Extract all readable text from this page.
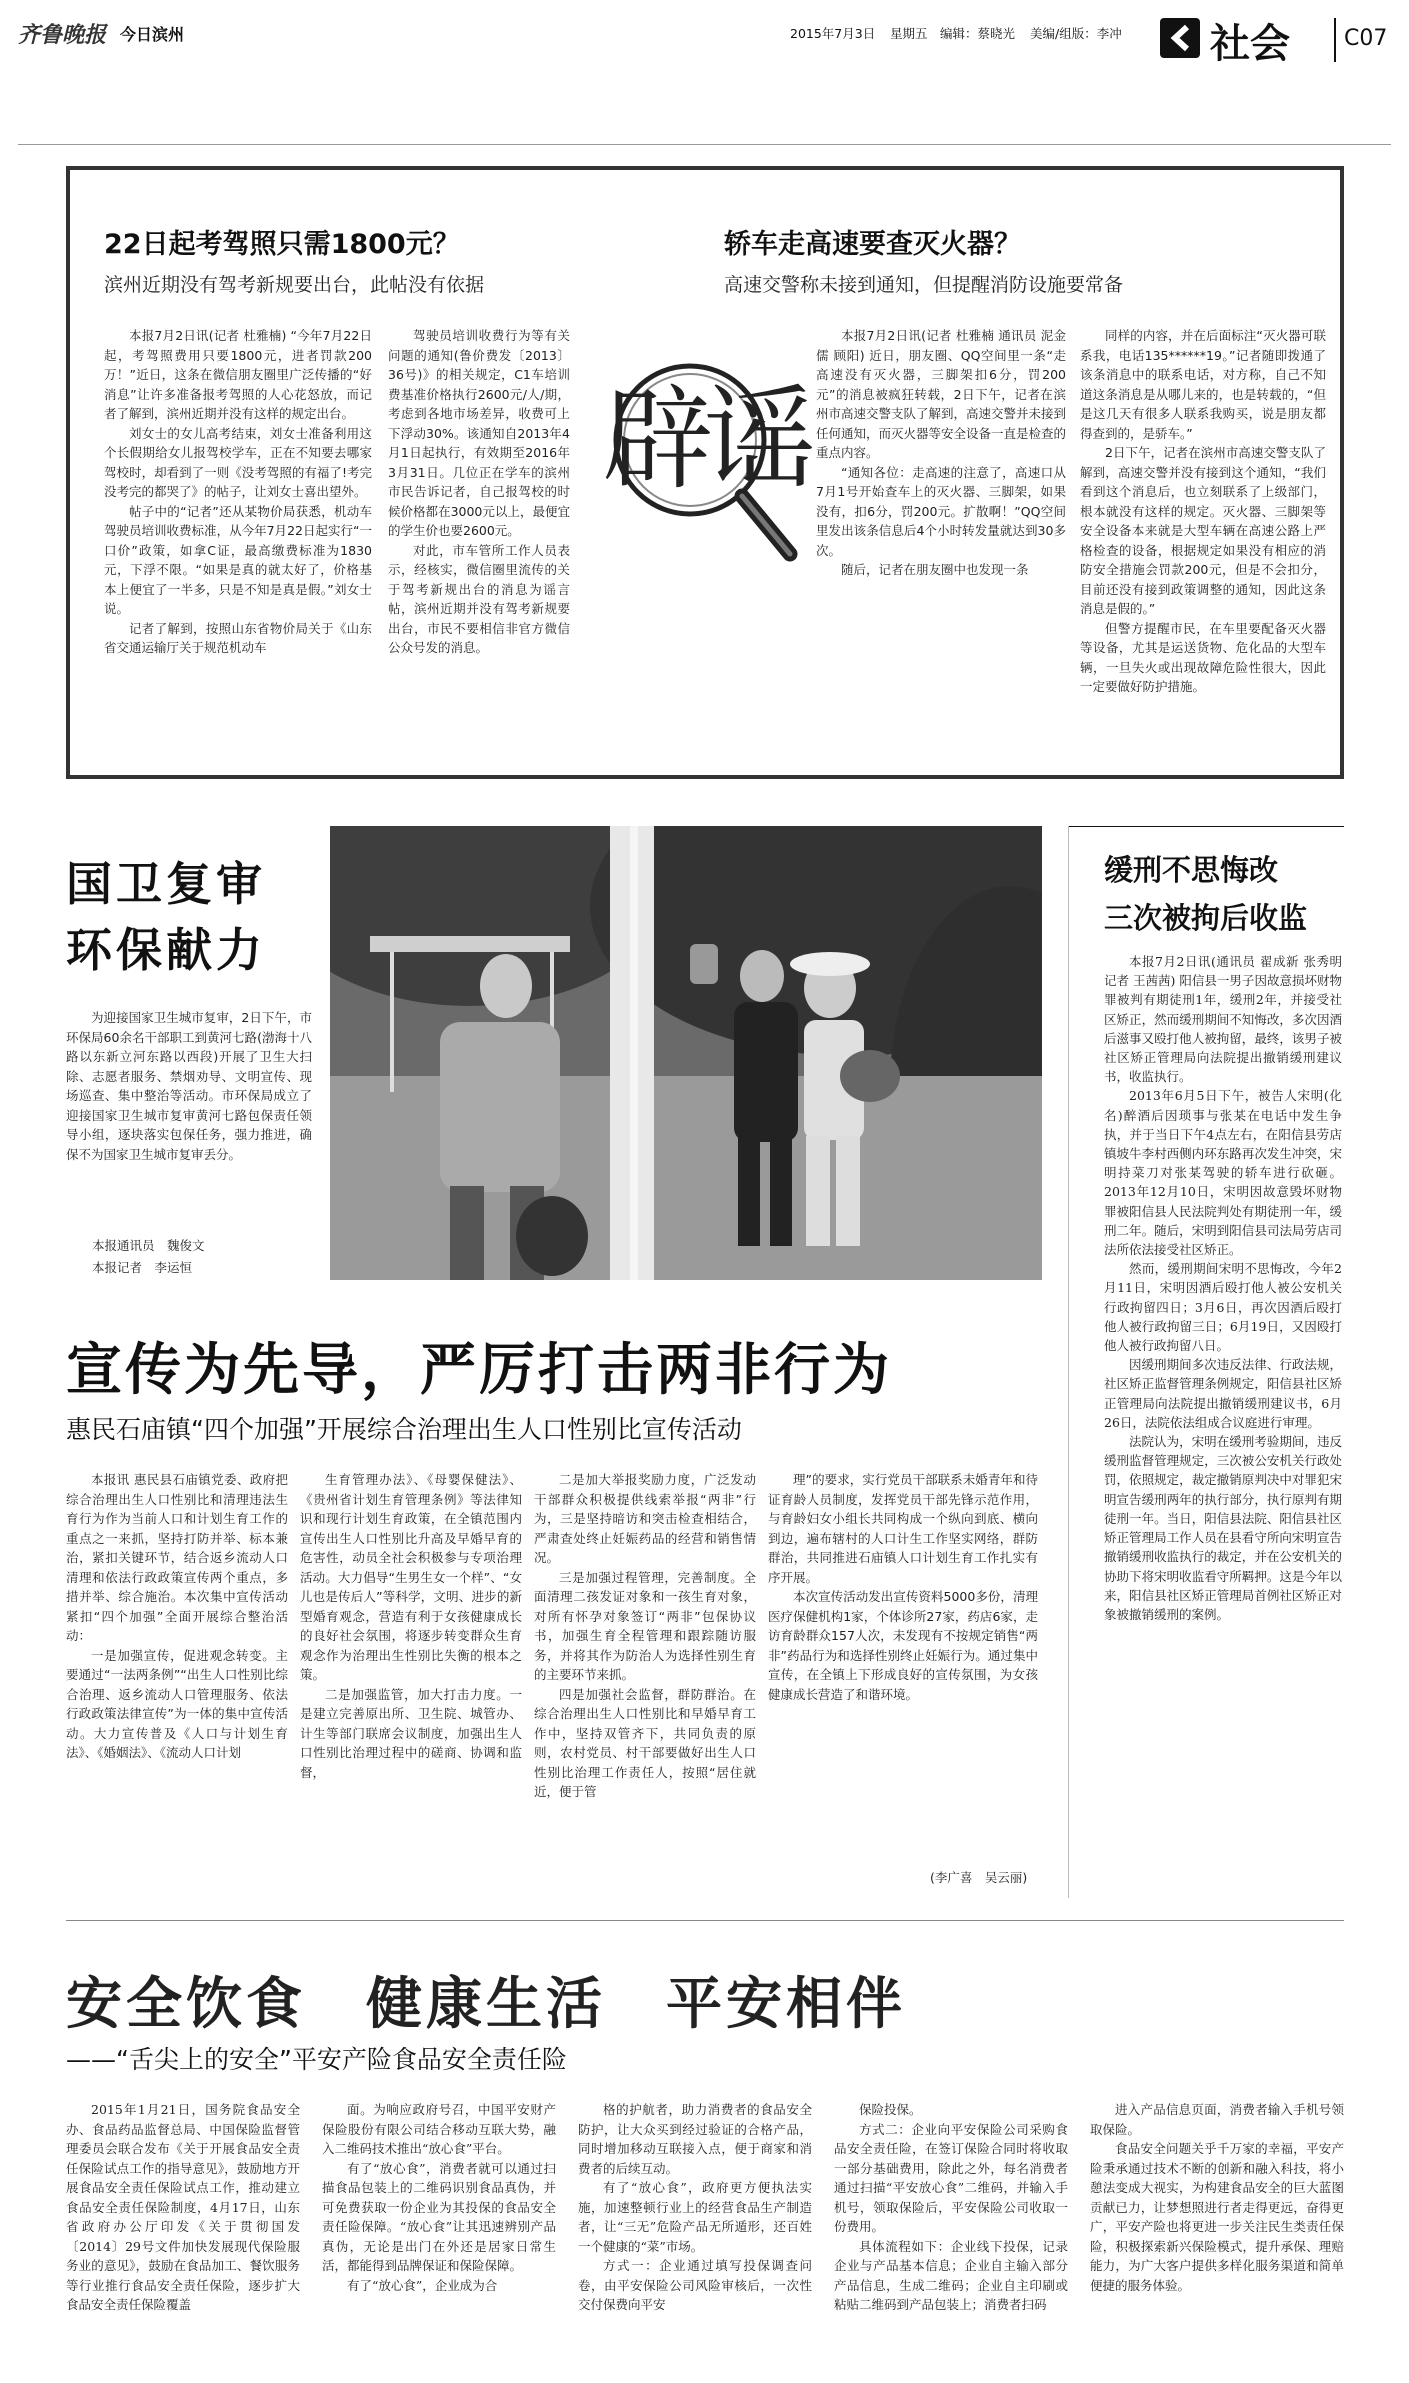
齐鲁晚报 今日滨州	2015年7月3日 星期五 编辑：蔡晓光 美编/组版：李冲 社会 C07
22日起考驾照只需1800元？
滨州近期没有驾考新规要出台，此帖没有依据

本报7月2日讯(记者 杜雅楠) “今年7月22日起，考驾照费用只要1800元，进者罚款200万！”近日，这条在微信朋友圈里广泛传播的“好消息”让许多准备报考驾照的人心花怒放，而记者了解到，滨州近期并没有这样的规定出台。

刘女士的女儿高考结束，刘女士准备利用这个长假期给女儿报驾校学车，正在不知要去哪家驾校时，却看到了一则《没考驾照的有福了!考完没考完的都哭了》的帖子，让刘女士喜出望外。

帖子中的“记者”还从某物价局获悉，机动车驾驶员培训收费标准，从今年7月22日起实行“一口价”政策，如拿C证，最高缴费标准为1830元，下浮不限。“如果是真的就太好了，价格基本上便宜了一半多，只是不知是真是假。”刘女士说。

记者了解到，按照山东省物价局关于《山东省交通运输厅关于规范机动车

驾驶员培训收费行为等有关问题的通知(鲁价费发〔2013〕36号)》的相关规定，C1车培训费基准价格执行2600元/人/期，考虑到各地市场差异，收费可上下浮动30%。该通知自2013年4月1日起执行，有效期至2016年3月31日。几位正在学车的滨州市民告诉记者，自己报驾校的时候价格都在3000元以上，最便宜的学生价也要2600元。

对此，市车管所工作人员表示，经核实，微信圈里流传的关于驾考新规出台的消息为谣言帖，滨州近期并没有驾考新规要出台，市民不要相信非官方微信公众号发的消息。

辟谣
轿车走高速要查灭火器？
高速交警称未接到通知，但提醒消防设施要常备

本报7月2日讯(记者 杜雅楠 通讯员 泥金儒 顾阳) 近日，朋友圈、QQ空间里一条“走高速没有灭火器，三脚架扣6分，罚200元”的消息被疯狂转载，2日下午，记者在滨州市高速交警支队了解到，高速交警并未接到任何通知，而灭火器等安全设备一直是检查的重点内容。

“通知各位：走高速的注意了，高速口从7月1号开始查车上的灭火器、三脚架，如果没有，扣6分，罚200元。扩散啊！”QQ空间里发出该条信息后4个小时转发量就达到30多次。

随后，记者在朋友圈中也发现一条

同样的内容，并在后面标注“灭火器可联系我，电话135******19。”记者随即拨通了该条消息中的联系电话，对方称，自己不知道这条消息是从哪儿来的，也是转载的，“但是这几天有很多人联系我购买，说是朋友都得查到的，是骄车。”

2日下午，记者在滨州市高速交警支队了解到，高速交警并没有接到这个通知，“我们看到这个消息后，也立刻联系了上级部门，根本就没有这样的规定。灭火器、三脚架等安全设备本来就是大型车辆在高速公路上严格检查的设备，根据规定如果没有相应的消防安全措施会罚款200元，但是不会扣分，目前还没有接到政策调整的通知，因此这条消息是假的。”

但警方提醒市民，在车里要配备灭火器等设备，尤其是运送货物、危化品的大型车辆，一旦失火或出现故障危险性很大，因此一定要做好防护措施。

国卫复审
环保献力

为迎接国家卫生城市复审，2日下午，市环保局60余名干部职工到黄河七路(渤海十八路以东新立河东路以西段)开展了卫生大扫除、志愿者服务、禁烟劝导、文明宣传、现场巡查、集中整治等活动。市环保局成立了迎接国家卫生城市复审黄河七路包保责任领导小组，逐块落实包保任务，强力推进，确保不为国家卫生城市复审丢分。

本报通讯员　魏俊文
本报记者　李运恒
缓刑不思悔改
三次被拘后收监

本报7月2日讯(通讯员 翟成新 张秀明 记者 王茜茜) 阳信县一男子因故意损坏财物罪被判有期徒刑1年，缓刑2年，并接受社区矫正，然而缓刑期间不知悔改，多次因酒后滋事又殴打他人被拘留，最终，该男子被社区矫正管理局向法院提出撤销缓刑建议书，收监执行。

2013年6月5日下午，被告人宋明(化名)醉酒后因琐事与张某在电话中发生争执，并于当日下午4点左右，在阳信县劳店镇坡牛李村西侧内环东路再次发生冲突，宋明持菜刀对张某驾驶的轿车进行砍砸。2013年12月10日，宋明因故意毁坏财物罪被阳信县人民法院判处有期徒刑一年，缓刑二年。随后，宋明到阳信县司法局劳店司法所依法接受社区矫正。

然而，缓刑期间宋明不思悔改，今年2月11日，宋明因酒后殴打他人被公安机关行政拘留四日；3月6日，再次因酒后殴打他人被行政拘留三日；6月19日，又因殴打他人被行政拘留八日。

因缓刑期间多次违反法律、行政法规，社区矫正监督管理条例规定，阳信县社区矫正管理局向法院提出撤销缓刑建议书，6月26日，法院依法组成合议庭进行审理。

法院认为，宋明在缓刑考验期间，违反缓刑监督管理规定，三次被公安机关行政处罚，依照规定，裁定撤销原判决中对罪犯宋明宣告缓刑两年的执行部分，执行原判有期徒刑一年。当日，阳信县法院、阳信县社区矫正管理局工作人员在县看守所向宋明宣告撤销缓刑收监执行的裁定，并在公安机关的协助下将宋明收监看守所羁押。这是今年以来，阳信县社区矫正管理局首例社区矫正对象被撤销缓刑的案例。

宣传为先导，严厉打击两非行为
惠民石庙镇“四个加强”开展综合治理出生人口性别比宣传活动

本报讯 惠民县石庙镇党委、政府把综合治理出生人口性别比和清理违法生育行为作为当前人口和计划生育工作的重点之一来抓，坚持打防并举、标本兼治，紧扣关键环节，结合返乡流动人口清理和依法行政政策宣传两个重点，多措并举、综合施治。本次集中宣传活动紧扣“四个加强”全面开展综合整治活动：

一是加强宣传，促进观念转变。主要通过“一法两条例”“出生人口性别比综合治理、返乡流动人口管理服务、依法行政政策法律宣传”为一体的集中宣传活动。大力宣传普及《人口与计划生育法》、《婚姻法》、《流动人口计划

生育管理办法》、《母婴保健法》、《贵州省计划生育管理条例》等法律知识和现行计划生育政策，在全镇范围内宣传出生人口性别比升高及早婚早育的危害性，动员全社会积极参与专项治理活动。大力倡导“生男生女一个样”、“女儿也是传后人”等科学，文明、进步的新型婚育观念，营造有利于女孩健康成长的良好社会氛围，将逐步转变群众生育观念作为治理出生性别比失衡的根本之策。

二是加强监管，加大打击力度。一是建立完善原出所、卫生院、城管办、计生等部门联席会议制度，加强出生人口性别比治理过程中的磋商、协调和监督，

二是加大举报奖励力度，广泛发动干部群众积极提供线索举报“两非”行为，三是坚持暗访和突击检查相结合，严肃查处终止妊娠药品的经营和销售情况。

三是加强过程管理，完善制度。全面清理二孩发证对象和一孩生育对象，对所有怀孕对象签订“两非”包保协议书，加强生育全程管理和跟踪随访服务，并将其作为防治人为选择性别生育的主要环节来抓。

四是加强社会监督，群防群治。在综合治理出生人口性别比和早婚早育工作中，坚持双管齐下，共同负责的原则，农村党员、村干部要做好出生人口性别比治理工作责任人，按照“居住就近，便于管

理”的要求，实行党员干部联系未婚青年和待证育龄人员制度，发挥党员干部先锋示范作用，与育龄妇女小组长共同构成一个纵向到底、横向到边，遍布辖村的人口计生工作坚实网络，群防群治，共同推进石庙镇人口计划生育工作扎实有序开展。

本次宣传活动发出宣传资料5000多份，清理医疗保健机构1家，个体诊所27家，药店6家，走访育龄群众157人次，未发现有不按规定销售“两非”药品行为和选择性别终止妊娠行为。通过集中宣传，在全镇上下形成良好的宣传氛围，为女孩健康成长营造了和谐环境。

(李广喜　吴云丽)
安全饮食　健康生活　平安相伴
——“舌尖上的安全”平安产险食品安全责任险

2015年1月21日，国务院食品安全办、食品药品监督总局、中国保险监督管理委员会联合发布《关于开展食品安全责任保险试点工作的指导意见》，鼓励地方开展食品安全责任保险试点工作，推动建立食品安全责任保险制度，4月17日，山东省政府办公厅印发《关于贯彻国发〔2014〕29号文件加快发展现代保险服务业的意见》，鼓励在食品加工、餐饮服务等行业推行食品安全责任保险，逐步扩大食品安全责任保险覆盖

面。为响应政府号召，中国平安财产保险股份有限公司结合移动互联大势，融入二维码技术推出“放心食”平台。

有了“放心食”，消费者就可以通过扫描食品包装上的二维码识别食品真伪，并可免费获取一份企业为其投保的食品安全责任险保障。“放心食”让其迅速辨别产品真伪，无论是出门在外还是居家日常生活，都能得到品牌保证和保险保障。

有了“放心食”，企业成为合

格的护航者，助力消费者的食品安全防护，让大众买到经过验证的合格产品，同时增加移动互联接入点，便于商家和消费者的后续互动。

有了“放心食”，政府更方便执法实施，加速整顿行业上的经营食品生产制造者，让“三无”危险产品无所遁形，还百姓一个健康的“菜”市场。

方式一：企业通过填写投保调查问卷，由平安保险公司风险审核后，一次性交付保费向平安

保险投保。

方式二：企业向平安保险公司采购食品安全责任险，在签订保险合同时将收取一部分基础费用，除此之外，每名消费者通过扫描“平安放心食”二维码，并输入手机号，领取保险后，平安保险公司收取一份费用。

具体流程如下：企业线下投保，记录企业与产品基本信息；企业自主输入部分产品信息，生成二维码；企业自主印刷或粘贴二维码到产品包装上；消费者扫码

进入产品信息页面，消费者输入手机号领取保险。

食品安全问题关乎千万家的幸福，平安产险秉承通过技术不断的创新和融入科技，将小憩法变成大视实，为构建食品安全的巨大蓝图贡献已力，让梦想照进行者走得更远，奋得更广，平安产险也将更进一步关注民生类责任保险，积极探索新兴保险模式，提升承保、理赔能力，为广大客户提供多样化服务渠道和简单便捷的服务体验。
